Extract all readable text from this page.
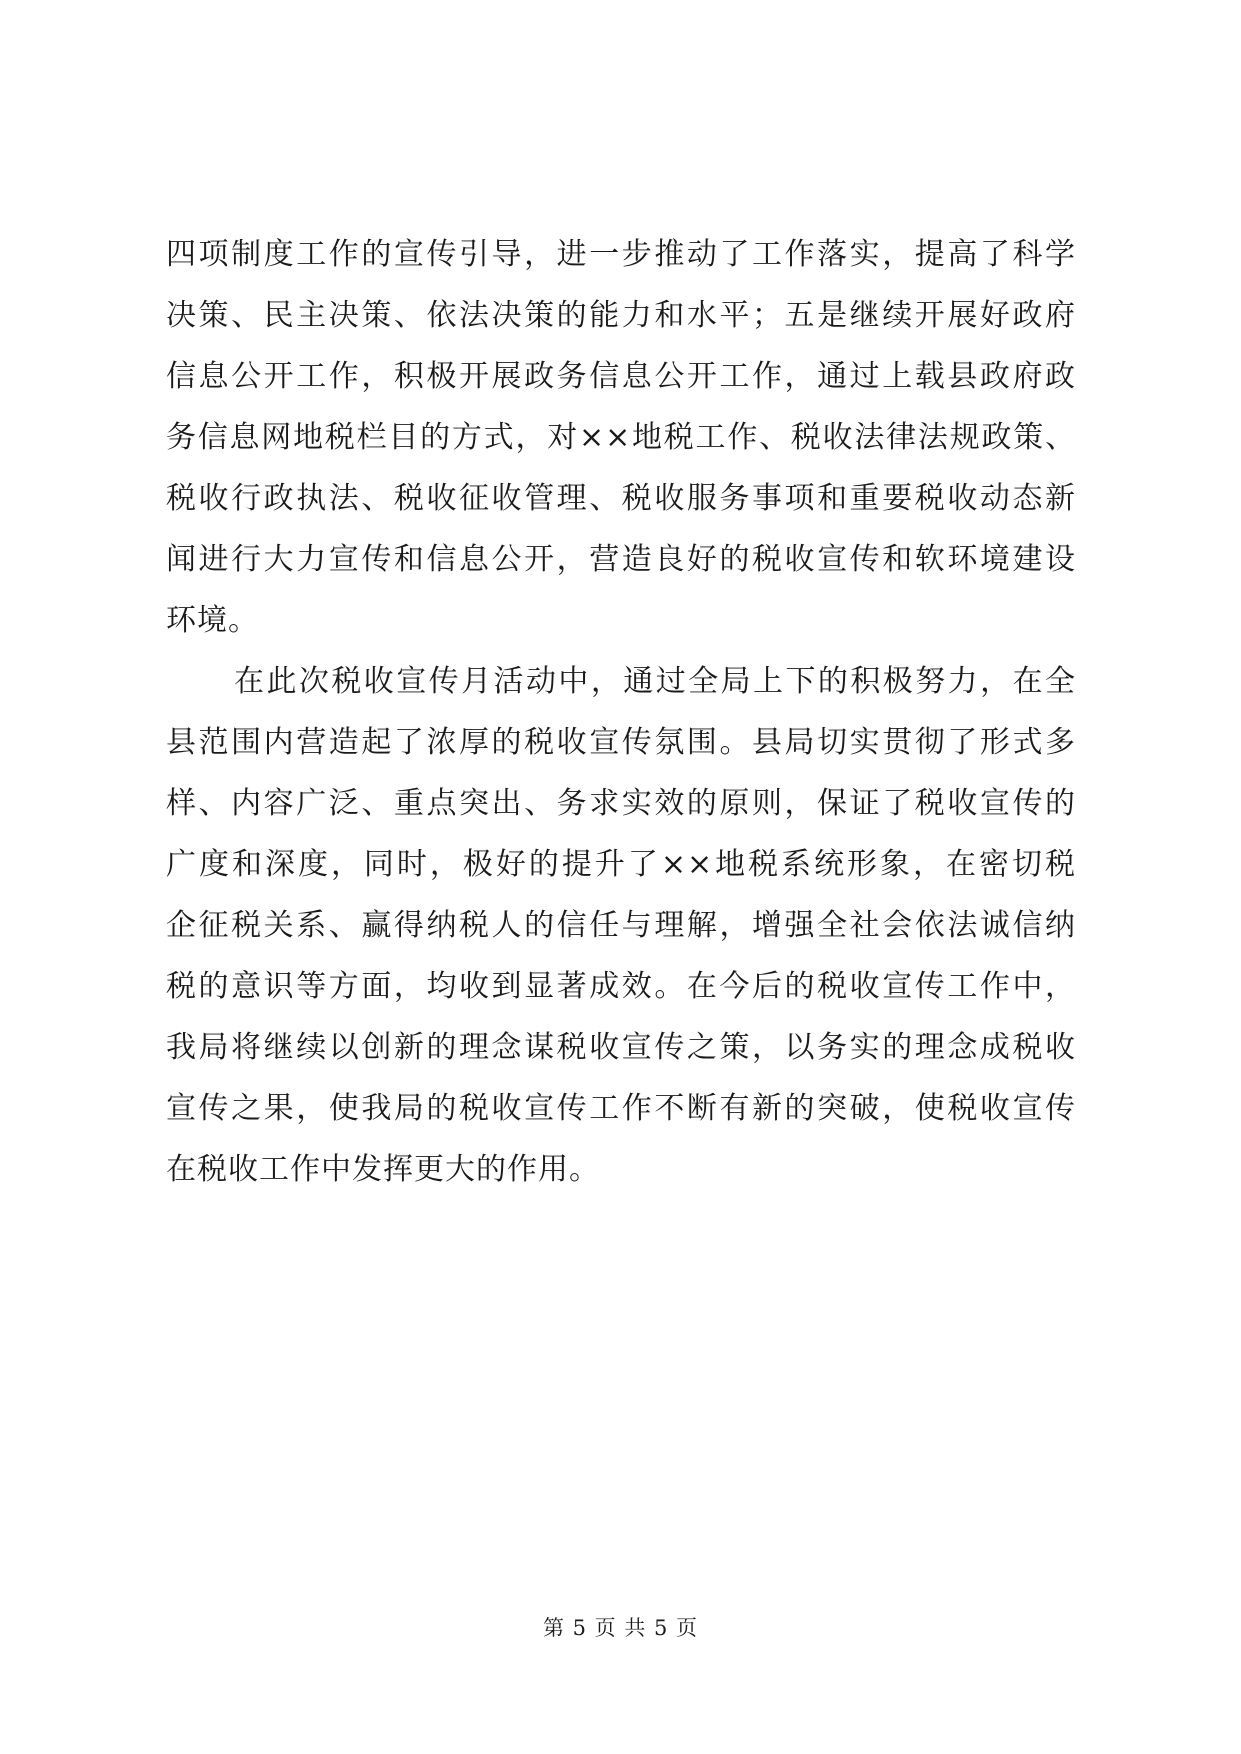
四项制度工作的宣传引导，进一步推动了工作落实，提高了科学
决策、民主决策、依法决策的能力和水平；五是继续开展好政府
信息公开工作，积极开展政务信息公开工作，通过上载县政府政
务信息网地税栏目的方式，对××地税工作、税收法律法规政策、
税收行政执法、税收征收管理、税收服务事项和重要税收动态新
闻进行大力宣传和信息公开，营造良好的税收宣传和软环境建设
环境。
在此次税收宣传月活动中，通过全局上下的积极努力，在全
县范围内营造起了浓厚的税收宣传氛围。县局切实贯彻了形式多
样、内容广泛、重点突出、务求实效的原则，保证了税收宣传的
广度和深度，同时，极好的提升了××地税系统形象，在密切税
企征税关系、赢得纳税人的信任与理解，增强全社会依法诚信纳
税的意识等方面，均收到显著成效。在今后的税收宣传工作中，
我局将继续以创新的理念谋税收宣传之策，以务实的理念成税收
宣传之果，使我局的税收宣传工作不断有新的突破，使税收宣传
在税收工作中发挥更大的作用。
第 5 页 共 5 页
